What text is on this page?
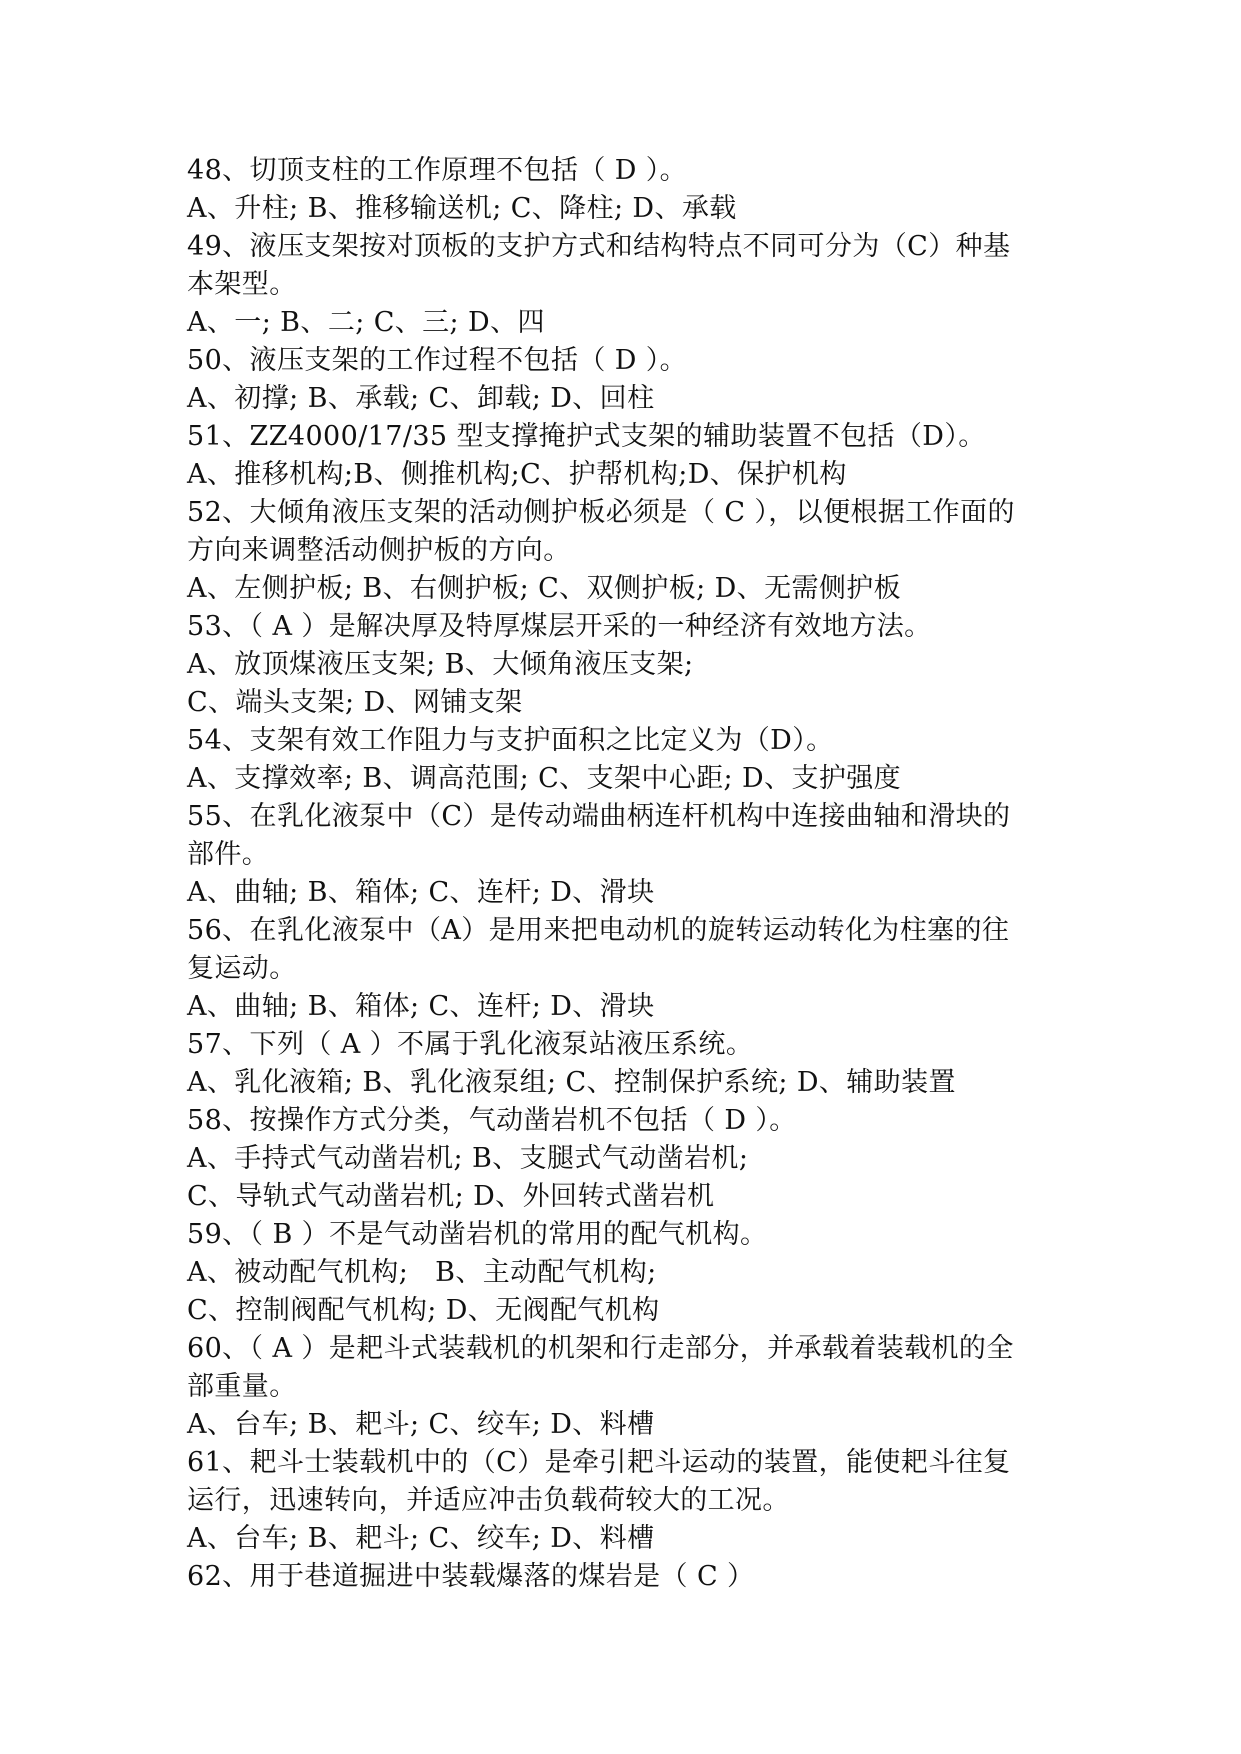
48、切顶支柱的工作原理不包括（ D ）。
A、升柱; B、推移输送机; C、降柱; D、承载
49、液压支架按对顶板的支护方式和结构特点不同可分为（C）种基
本架型。
A、一; B、二; C、三; D、四
50、液压支架的工作过程不包括（ D ）。
A、初撑; B、承载; C、卸载; D、回柱
51、ZZ4000/17/35 型支撑掩护式支架的辅助装置不包括（D）。
A、推移机构;B、侧推机构;C、护帮机构;D、保护机构
52、大倾角液压支架的活动侧护板必须是（ C ），以便根据工作面的
方向来调整活动侧护板的方向。
A、左侧护板; B、右侧护板; C、双侧护板; D、无需侧护板
53、（ A ）是解决厚及特厚煤层开采的一种经济有效地方法。
A、放顶煤液压支架; B、大倾角液压支架;
C、端头支架; D、网铺支架
54、支架有效工作阻力与支护面积之比定义为（D）。
A、支撑效率; B、调高范围; C、支架中心距; D、支护强度
55、在乳化液泵中（C）是传动端曲柄连杆机构中连接曲轴和滑块的
部件。
A、曲轴; B、箱体; C、连杆; D、滑块
56、在乳化液泵中（A）是用来把电动机的旋转运动转化为柱塞的往
复运动。
A、曲轴; B、箱体; C、连杆; D、滑块
57、下列（ A ）不属于乳化液泵站液压系统。
A、乳化液箱; B、乳化液泵组; C、控制保护系统; D、辅助装置
58、按操作方式分类，气动凿岩机不包括（ D ）。
A、手持式气动凿岩机; B、支腿式气动凿岩机;
C、导轨式气动凿岩机; D、外回转式凿岩机
59、（ B ）不是气动凿岩机的常用的配气机构。
A、被动配气机构;   B、主动配气机构;
C、控制阀配气机构; D、无阀配气机构
60、（ A ）是耙斗式装载机的机架和行走部分，并承载着装载机的全
部重量。
A、台车; B、耙斗; C、绞车; D、料槽
61、耙斗士装载机中的（C）是牵引耙斗运动的装置，能使耙斗往复
运行，迅速转向，并适应冲击负载荷较大的工况。
A、台车; B、耙斗; C、绞车; D、料槽
62、用于巷道掘进中装载爆落的煤岩是（ C ）
